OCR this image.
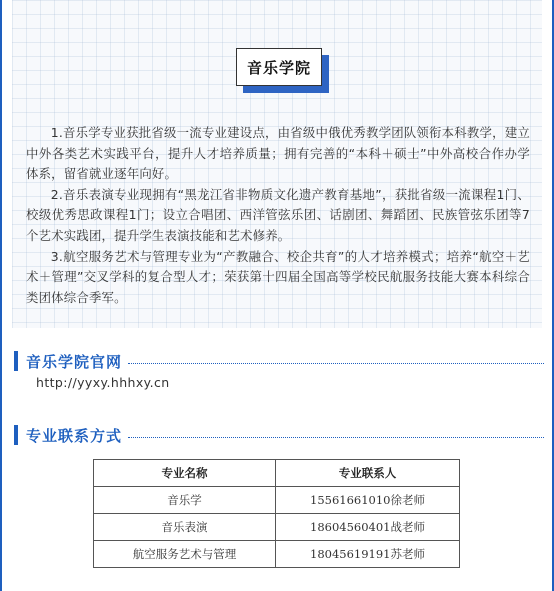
音乐学院

1.音乐学专业获批省级一流专业建设点，由省级中俄优秀教学团队领衔本科教学，建立中外各类艺术实践平台，提升人才培养质量；拥有完善的“本科＋硕士”中外高校合作办学体系，留省就业逐年向好。

2.音乐表演专业现拥有“黑龙江省非物质文化遗产教育基地”，获批省级一流课程1门、校级优秀思政课程1门；设立合唱团、西洋管弦乐团、话剧团、舞蹈团、民族管弦乐团等7个艺术实践团，提升学生表演技能和艺术修养。

3.航空服务艺术与管理专业为“产教融合、校企共育”的人才培养模式；培养“航空＋艺术＋管理”交叉学科的复合型人才；荣获第十四届全国高等学校民航服务技能大赛本科综合类团体综合季军。

音乐学院官网
http://yyxy.hhhxy.cn
专业联系方式
专业名称	专业联系人
音乐学	15561661010徐老师
音乐表演	18604560401战老师
航空服务艺术与管理	18045619191苏老师
